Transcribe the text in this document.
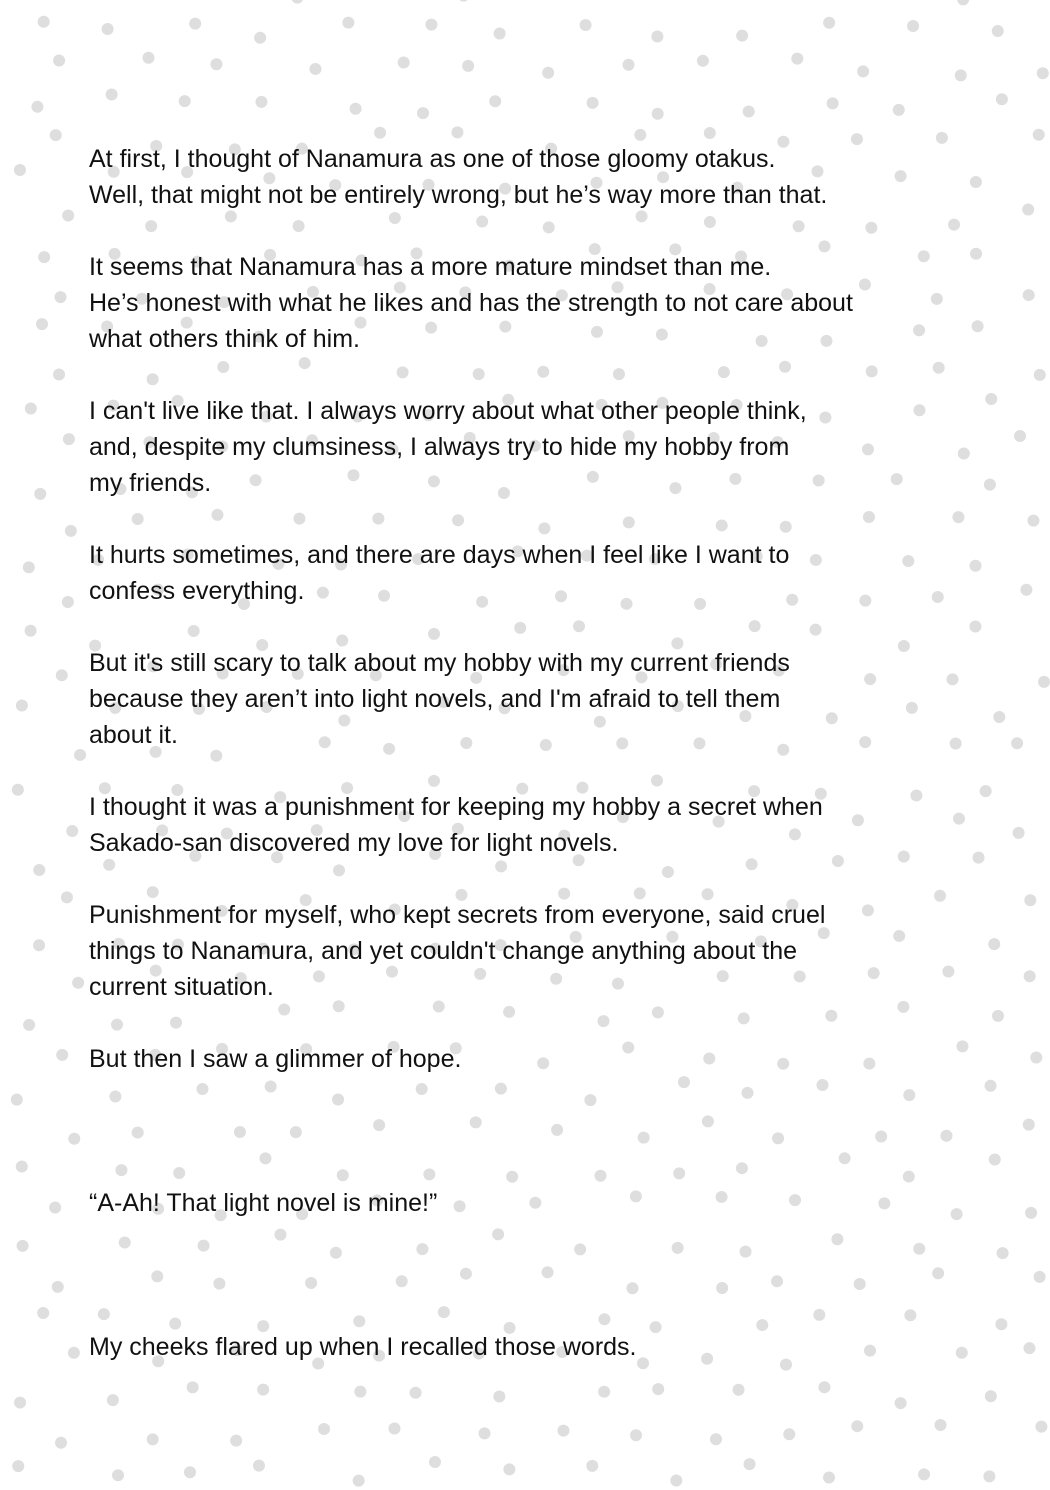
At first, I thought of Nanamura as one of those gloomy otakus.
Well, that might not be entirely wrong, but he’s way more than that.

It seems that Nanamura has a more mature mindset than me.
He’s honest with what he likes and has the strength to not care about
what others think of him.

I can't live like that. I always worry about what other people think,
and, despite my clumsiness, I always try to hide my hobby from
my friends.

It hurts sometimes, and there are days when I feel like I want to
confess everything.

But it's still scary to talk about my hobby with my current friends
because they aren’t into light novels, and I'm afraid to tell them
about it.

I thought it was a punishment for keeping my hobby a secret when
Sakado-san discovered my love for light novels.

Punishment for myself, who kept secrets from everyone, said cruel
things to Nanamura, and yet couldn't change anything about the
current situation.

But then I saw a glimmer of hope.

“A-Ah! That light novel is mine!”

My cheeks flared up when I recalled those words.
